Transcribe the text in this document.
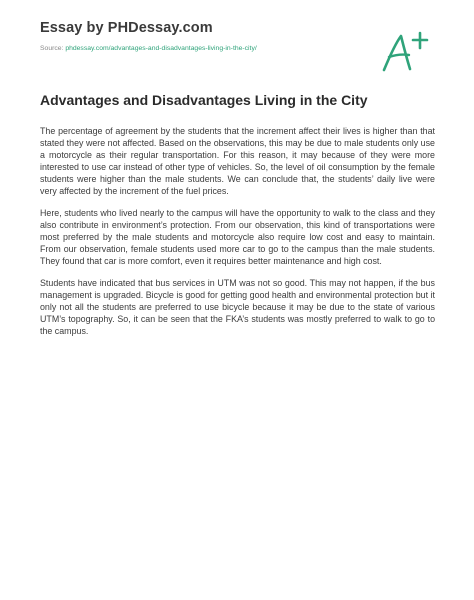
Essay by PHDessay.com
Source: phdessay.com/advantages-and-disadvantages-living-in-the-city/
Advantages and Disadvantages Living in the City

The percentage of agreement by the students that the increment affect their lives is higher than that stated they were not affected. Based on the observations, this may be due to male students only use a motorcycle as their regular transportation. For this reason, it may because of they were more interested to use car instead of other type of vehicles. So, the level of oil consumption by the female students were higher than the male students. We can conclude that, the students’ daily live were very affected by the increment of the fuel prices.

Here, students who lived nearly to the campus will have the opportunity to walk to the class and they also contribute in environment’s protection. From our observation, this kind of transportations were most preferred by the male students and motorcycle also require low cost and easy to maintain. From our observation, female students used more car to go to the campus than the male students. They found that car is more comfort, even it requires better maintenance and high cost.

Students have indicated that bus services in UTM was not so good. This may not happen, if the bus management is upgraded. Bicycle is good for getting good health and environmental protection but it only not all the students are preferred to use bicycle because it may be due to the state of various UTM’s topography. So, it can be seen that the FKA’s students was mostly preferred to walk to go to the campus.
